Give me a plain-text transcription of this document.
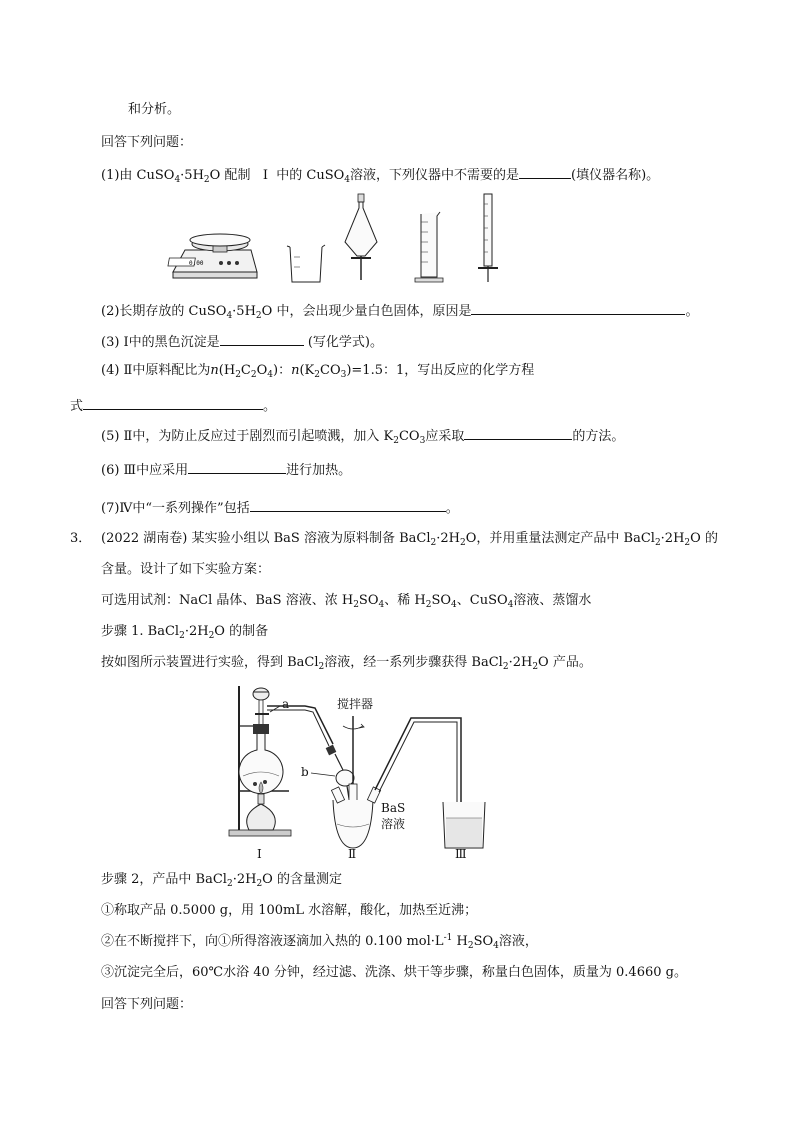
和分析。
回答下列问题：
(1)由 $CuSO_4\cdot 5H_2O$ 配制 Ⅰ 中的 CuSO$_4$溶液，下列仪器中不需要的是	(填仪器名称)。
0.00
(2)长期存放的 $CuSO_4\cdot 5H_2O$ 中，会出现少量白色固体，原因是	。
(3) Ⅰ中的黑色沉淀是	(写化学式)。
(4) Ⅱ中原料配比为$n(H_2C_2O_4)$：$n(K_2CO_3)=1.5$：1，写出反应的化学方程
式	。
(5) Ⅱ中，为防止反应过于剧烈而引起喷溅，加入 $K_2CO_3$应采取	的方法。
(6) Ⅲ中应采用	进行加热。
(7)Ⅳ中“一系列操作”包括	。
3． (2022 湖南卷) 某实验小组以 BaS 溶液为原料制备 $BaCl_2\cdot 2H_2O$，并用重量法测定产品中 $BaCl_2\cdot 2H_2O$ 的
含量。设计了如下实验方案：
可选用试剂：NaCl 晶体、BaS 溶液、浓 $H_2SO_4$、稀 $H_2SO_4$、CuSO$_4$溶液、蒸馏水
步骤 1. $BaCl_2\cdot 2H_2O$ 的制备
按如图所示装置进行实验，得到 BaCl$_2$溶液，经一系列步骤获得 $BaCl_2\cdot 2H_2O$ 产品。
a
b
搅拌器
BaS
溶液
Ⅰ	Ⅱ	Ⅲ
步骤 2，产品中 $BaCl_2\cdot 2H_2O$ 的含量测定
①称取产品 0.5000 g，用 100mL 水溶解，酸化，加热至近沸；
②在不断搅拌下，向①所得溶液逐滴加入热的 0.100 $mol\cdot L^{-1}$ $H_2SO_4$溶液，
③沉淀完全后，60℃水浴 40 分钟，经过滤、洗涤、烘干等步骤，称量白色固体，质量为 0.4660 g。
回答下列问题：
